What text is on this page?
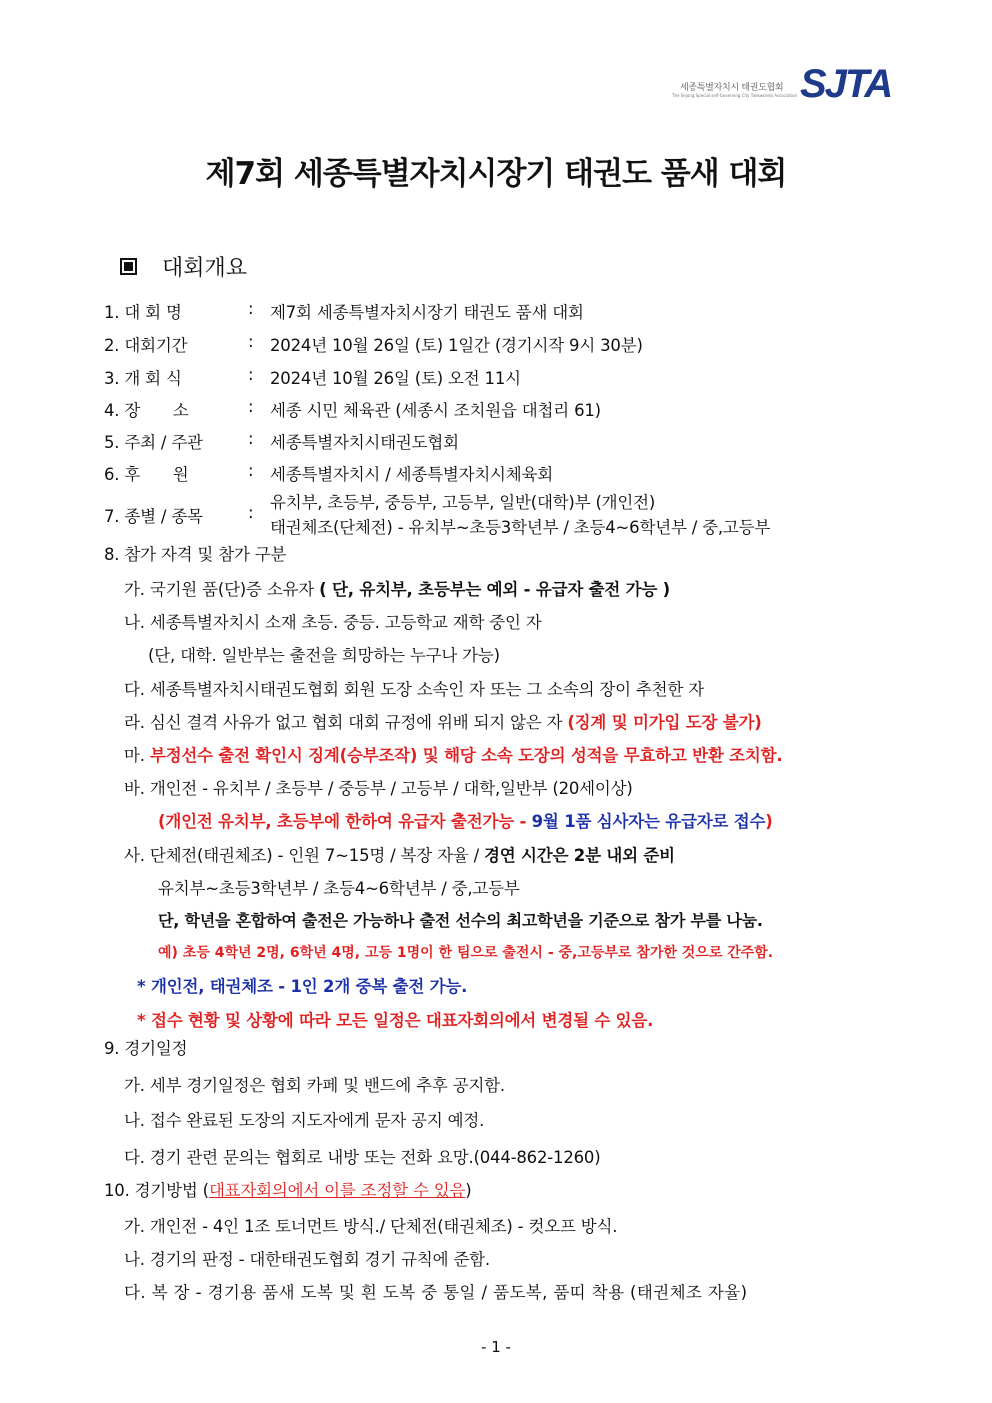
세종특별자치시 태권도협회
The Sejong Special self-Governing City Taekwondo Association SJTA
제7회 세종특별자치시장기 태권도 품새 대회
대회개요
1. 대 회 명	: 제7회 세종특별자치시장기 태권도 품새 대회
2. 대회기간	: 2024년 10월 26일 (토) 1일간 (경기시작 9시 30분)
3. 개 회 식	: 2024년 10월 26일 (토) 오전 11시
4. 장　　소	: 세종 시민 체육관 (세종시 조치원읍 대첩리 61)
5. 주최 / 주관	: 세종특별자치시태권도협회
6. 후　　원	: 세종특별자치시 / 세종특별자치시체육회
7. 종별 / 종목	:
유치부, 초등부, 중등부, 고등부, 일반(대학)부 (개인전)
태권체조(단체전) - 유치부~초등3학년부 / 초등4~6학년부 / 중,고등부
8. 참가 자격 및 참가 구분
가. 국기원 품(단)증 소유자 ( 단, 유치부, 초등부는 예외 - 유급자 출전 가능 )
나. 세종특별자치시 소재 초등. 중등. 고등학교 재학 중인 자
(단, 대학. 일반부는 출전을 희망하는 누구나 가능)
다. 세종특별자치시태권도협회 회원 도장 소속인 자 또는 그 소속의 장이 추천한 자
라. 심신 결격 사유가 없고 협회 대회 규정에 위배 되지 않은 자 (징계 및 미가입 도장 불가)
마. 부정선수 출전 확인시 징계(승부조작) 및 해당 소속 도장의 성적을 무효하고 반환 조치함.
바. 개인전 - 유치부 / 초등부 / 중등부 / 고등부 / 대학,일반부 (20세이상)
(개인전 유치부, 초등부에 한하여 유급자 출전가능 - 9월 1품 심사자는 유급자로 접수)
사. 단체전(태권체조) - 인원 7~15명 / 복장 자율 / 경연 시간은 2분 내외 준비
유치부~초등3학년부 / 초등4~6학년부 / 중,고등부
단, 학년을 혼합하여 출전은 가능하나 출전 선수의 최고학년을 기준으로 참가 부를 나눔.
예) 초등 4학년 2명, 6학년 4명, 고등 1명이 한 팀으로 출전시 - 중,고등부로 참가한 것으로 간주함.
* 개인전, 태권체조 - 1인 2개 중복 출전 가능.
* 접수 현황 및 상황에 따라 모든 일정은 대표자회의에서 변경될 수 있음.
9. 경기일정
가. 세부 경기일정은 협회 카페 및 밴드에 추후 공지함.
나. 접수 완료된 도장의 지도자에게 문자 공지 예정.
다. 경기 관련 문의는 협회로 내방 또는 전화 요망.(044-862-1260)
10. 경기방법 (대표자회의에서 이를 조정할 수 있음)
가. 개인전 - 4인 1조 토너먼트 방식./ 단체전(태권체조) - 컷오프 방식.
나. 경기의 판정 - 대한태권도협회 경기 규칙에 준함.
다. 복 장 - 경기용 품새 도복 및 흰 도복 중 통일 / 품도복, 품띠 착용 (태권체조 자율)
- 1 -
